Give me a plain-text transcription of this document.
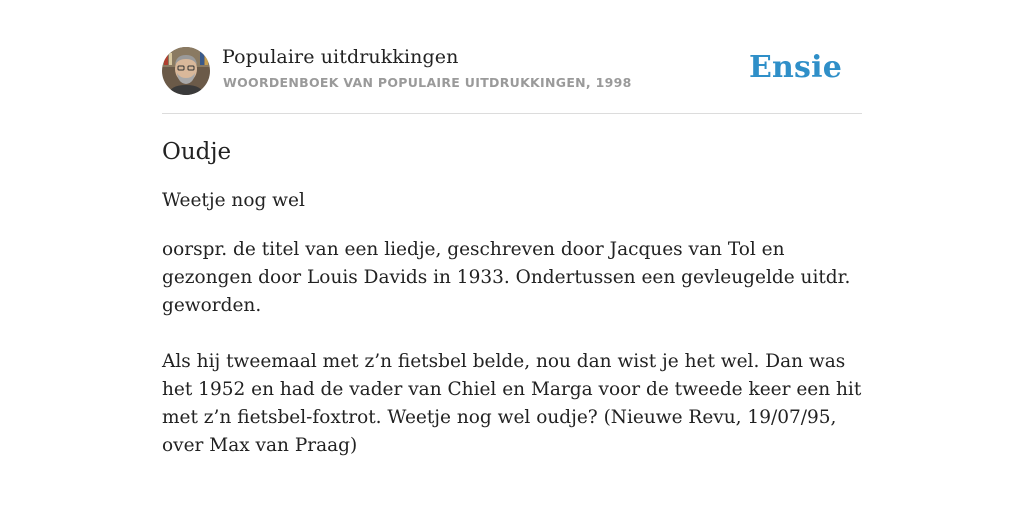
Populaire uitdrukkingen
WOORDENBOEK VAN POPULAIRE UITDRUKKINGEN, 1998	Ensie
Oudje
Weetje nog wel
oorspr. de titel van een liedje, geschreven door Jacques van Tol en gezongen door Louis Davids in 1933. Ondertussen een gevleugelde uitdr. geworden.
Als hij tweemaal met z’n fietsbel belde, nou dan wist je het wel. Dan was het 1952 en had de vader van Chiel en Marga voor de tweede keer een hit met z’n fietsbel-foxtrot. Weetje nog wel oudje? (Nieuwe Revu, 19/07/95, over Max van Praag)
